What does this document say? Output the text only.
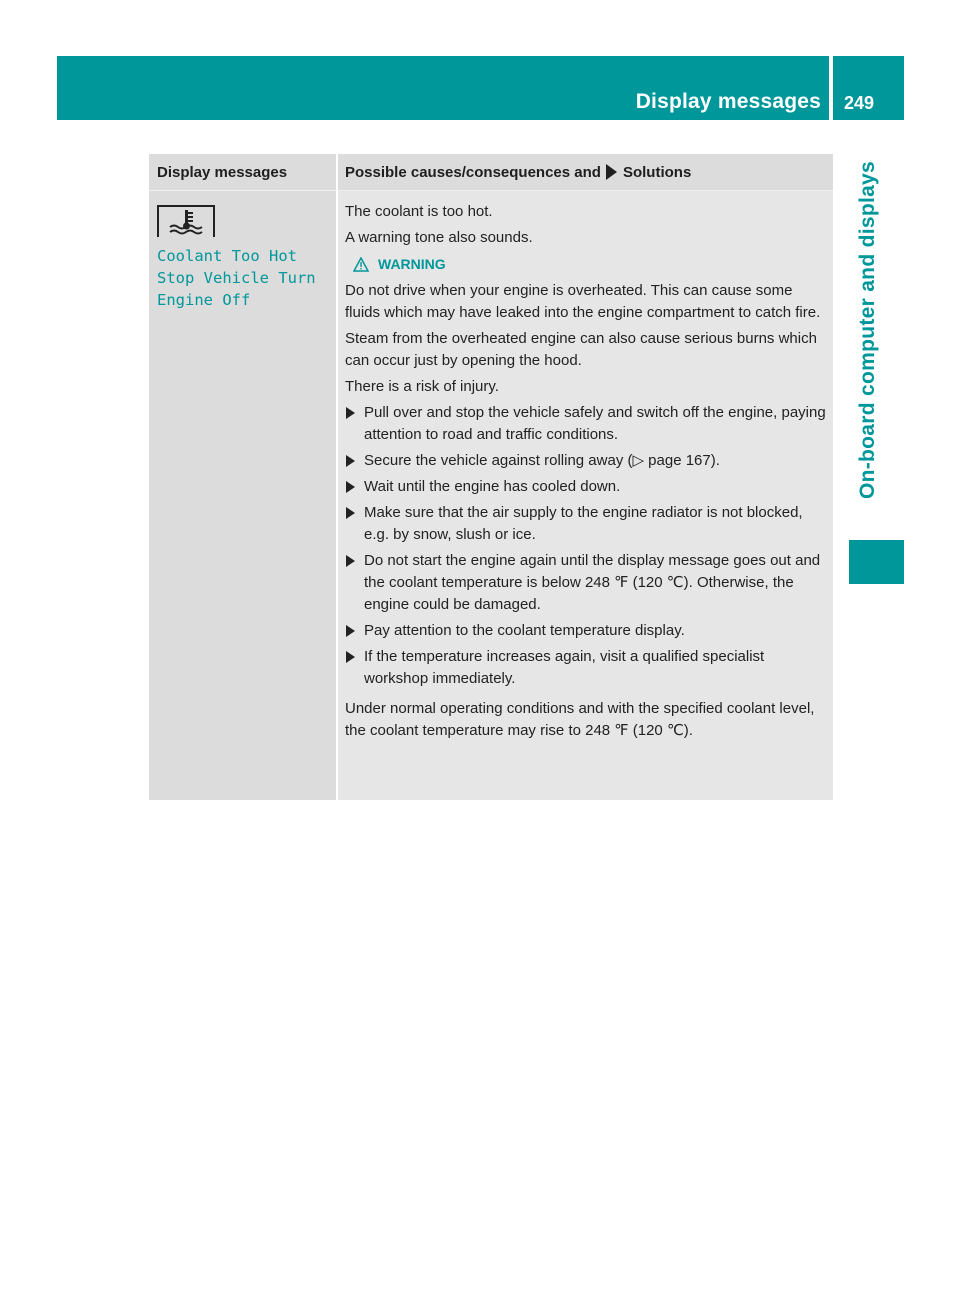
Display messages 249
On-board computer and displays
Display messages	Possible causes/consequences and Solutions
Coolant Too Hot
Stop Vehicle Turn
Engine Off

The coolant is too hot.

A warning tone also sounds.

WARNING

Do not drive when your engine is overheated. This can cause some fluids which may have leaked into the engine compartment to catch fire.

Steam from the overheated engine can also cause serious burns which can occur just by opening the hood.

There is a risk of injury.

Pull over and stop the vehicle safely and switch off the engine, paying attention to road and traffic conditions.
Secure the vehicle against rolling away (▷ page 167).
Wait until the engine has cooled down.
Make sure that the air supply to the engine radiator is not blocked, e.g. by snow, slush or ice.
Do not start the engine again until the display message goes out and the coolant temperature is below 248 ℉ (120 ℃). Otherwise, the engine could be damaged.
Pay attention to the coolant temperature display.
If the temperature increases again, visit a qualified specialist workshop immediately.

Under normal operating conditions and with the specified coolant level, the coolant temperature may rise to 248 ℉ (120 ℃).
